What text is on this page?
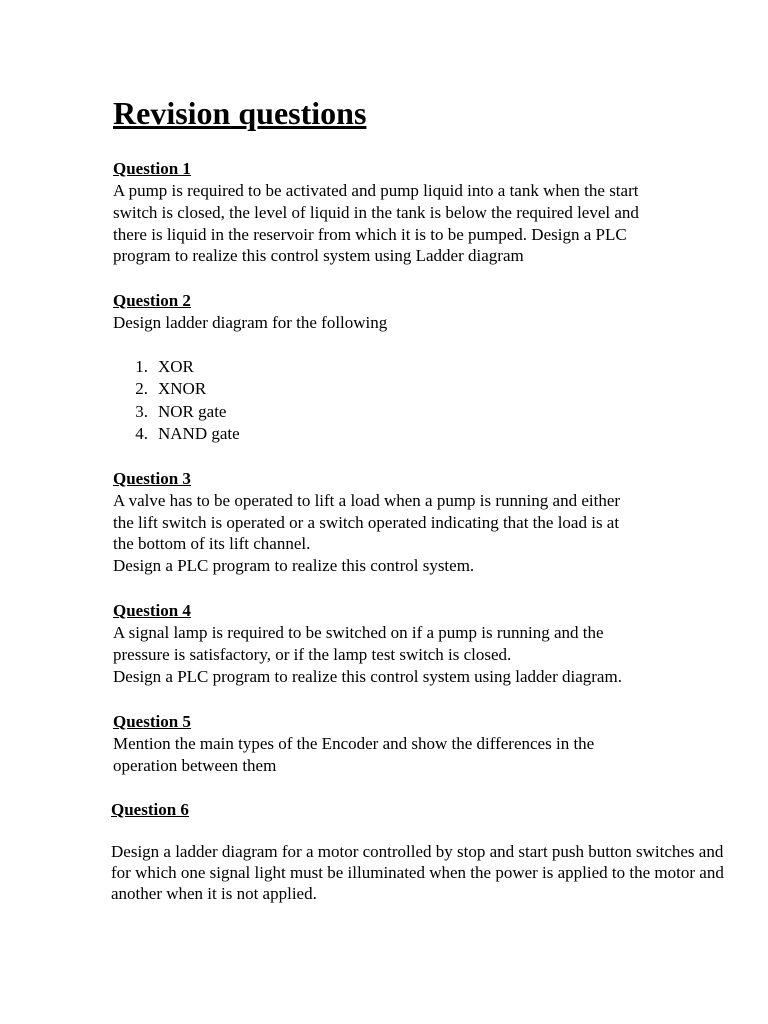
Revision questions
Question 1
A pump is required to be activated and pump liquid into a tank when the start
switch is closed, the level of liquid in the tank is below the required level and
there is liquid in the reservoir from which it is to be pumped. Design a PLC
program to realize this control system using Ladder diagram
Question 2
Design ladder diagram for the following
1. XOR
2. XNOR
3. NOR gate
4. NAND gate
Question 3
A valve has to be operated to lift a load when a pump is running and either
the lift switch is operated or a switch operated indicating that the load is at
the bottom of its lift channel.
Design a PLC program to realize this control system.
Question 4
A signal lamp is required to be switched on if a pump is running and the
pressure is satisfactory, or if the lamp test switch is closed.
Design a PLC program to realize this control system using ladder diagram.
Question 5
Mention the main types of the Encoder and show the differences in the
operation between them
Question 6
Design a ladder diagram for a motor controlled by stop and start push button switches and
for which one signal light must be illuminated when the power is applied to the motor and
another when it is not applied.
